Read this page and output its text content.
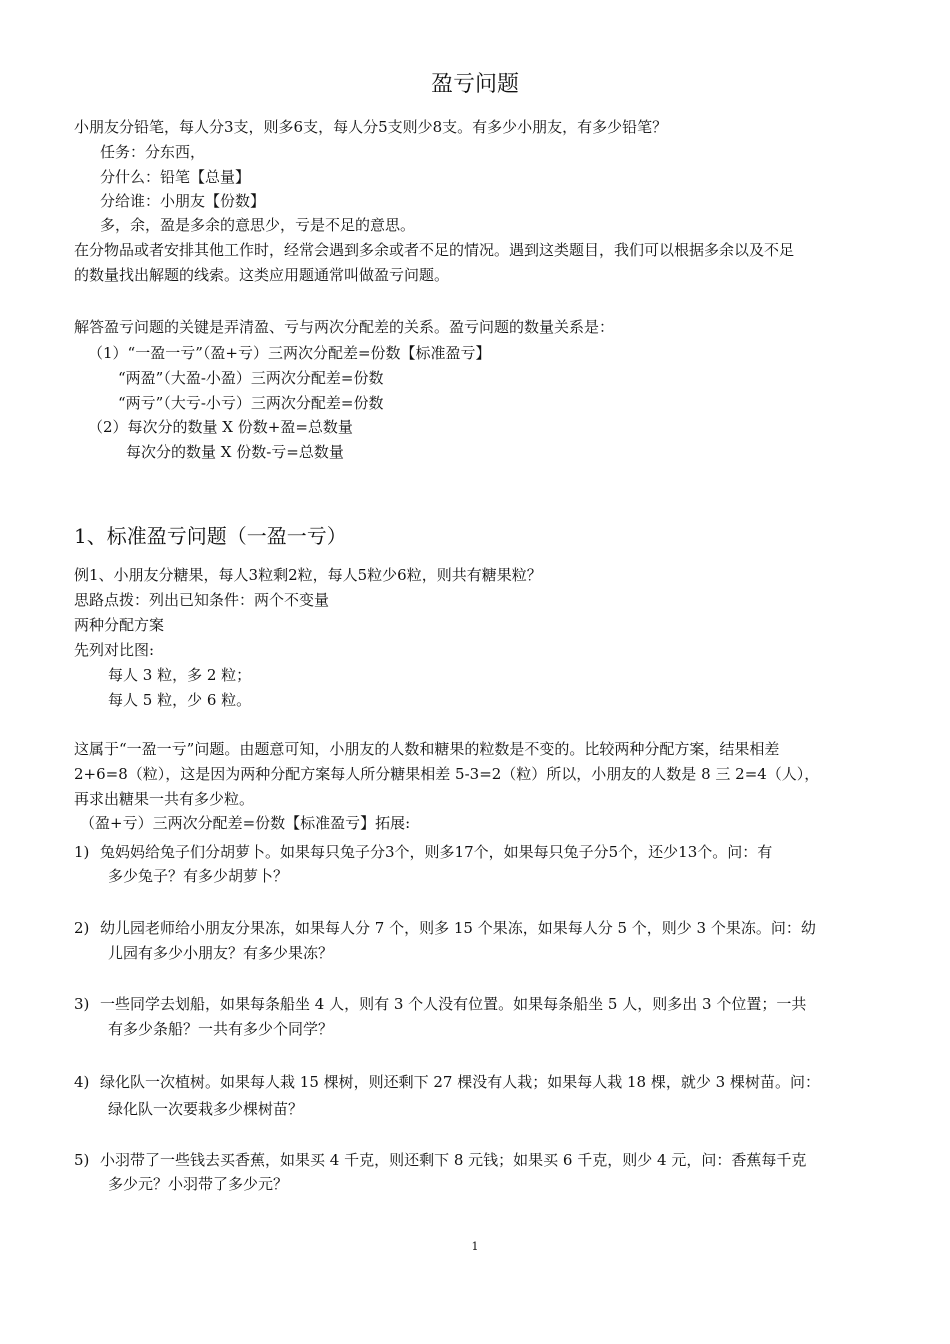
盈亏问题
小朋友分铅笔，每人分3支，则多6支，每人分5支则少8支。有多少小朋友，有多少铅笔？
任务：分东西，
分什么：铅笔【总量】
分给谁：小朋友【份数】
多，余，盈是多余的意思少，亏是不足的意思。
在分物品或者安排其他工作时，经常会遇到多余或者不足的情况。遇到这类题目，我们可以根据多余以及不足
的数量找出解题的线索。这类应用题通常叫做盈亏问题。
解答盈亏问题的关键是弄清盈、亏与两次分配差的关系。盈亏问题的数量关系是：
（1）“一盈一亏”（盈+亏）三两次分配差=份数【标准盈亏】
“两盈”（大盈-小盈）三两次分配差=份数
“两亏”（大亏-小亏）三两次分配差=份数
（2）每次分的数量 X 份数+盈=总数量
每次分的数量 X 份数-亏=总数量
1、标准盈亏问题（一盈一亏）
例1、小朋友分糖果，每人3粒剩2粒，每人5粒少6粒，则共有糖果粒？
思路点拨：列出已知条件：两个不变量
两种分配方案
先列对比图:
每人 3 粒，多 2 粒；
每人 5 粒，少 6 粒。
这属于“一盈一亏”问题。由题意可知，小朋友的人数和糖果的粒数是不变的。比较两种分配方案，结果相差
2+6=8（粒），这是因为两种分配方案每人所分糖果相差 5-3=2（粒）所以，小朋友的人数是 8 三 2=4（人），
再求出糖果一共有多少粒。
（盈+亏）三两次分配差=份数【标准盈亏】拓展:
1) 兔妈妈给兔子们分胡萝卜。如果每只兔子分3个，则多17个，如果每只兔子分5个，还少13个。问：有
多少兔子？有多少胡萝卜？
2) 幼儿园老师给小朋友分果冻，如果每人分 7 个，则多 15 个果冻，如果每人分 5 个，则少 3 个果冻。问：幼
儿园有多少小朋友？有多少果冻？
3) 一些同学去划船，如果每条船坐 4 人，则有 3 个人没有位置。如果每条船坐 5 人，则多出 3 个位置；一共
有多少条船？一共有多少个同学？
4) 绿化队一次植树。如果每人栽 15 棵树，则还剩下 27 棵没有人栽；如果每人栽 18 棵，就少 3 棵树苗。问：
绿化队一次要栽多少棵树苗？
5) 小羽带了一些钱去买香蕉，如果买 4 千克，则还剩下 8 元钱；如果买 6 千克，则少 4 元，问：香蕉每千克
多少元？小羽带了多少元？
1
